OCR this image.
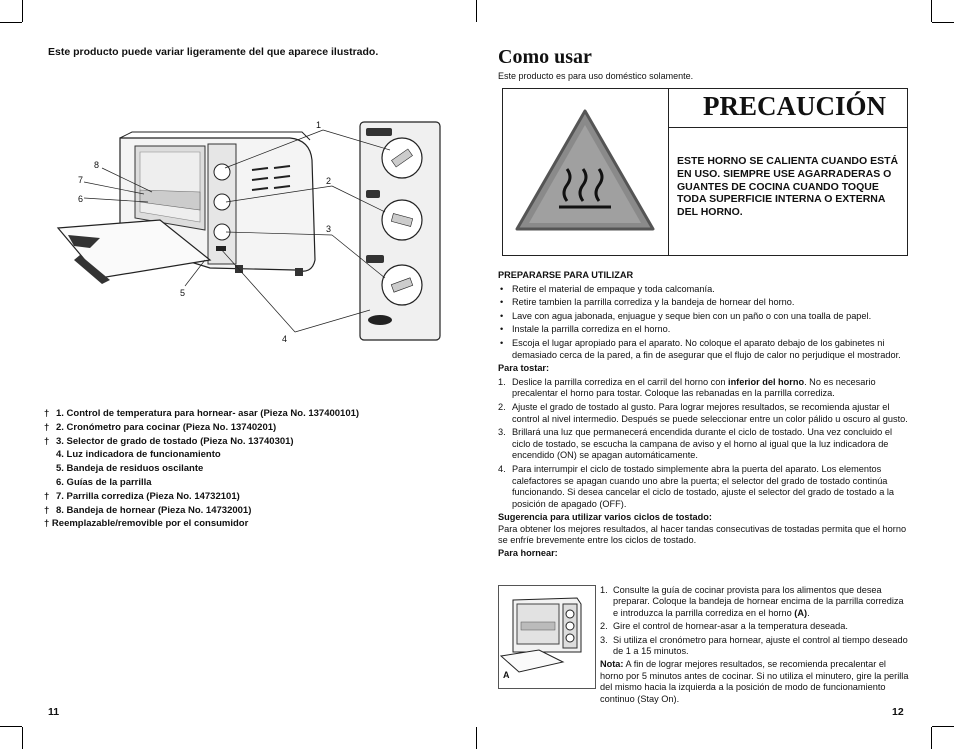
Este producto puede variar ligeramente del que aparece ilustrado.
1
2
3
4
5
6
7
8
† 1. Control de temperatura para hornear- asar (Pieza No. 137400101)
† 2. Cronómetro para cocinar (Pieza No. 13740201)
† 3. Selector de grado de tostado (Pieza No. 13740301)
4. Luz indicadora de funcionamiento
5. Bandeja de residuos oscilante
6. Guías de la parrilla
† 7. Parrilla corrediza (Pieza No. 14732101)
† 8. Bandeja de hornear (Pieza No. 14732001)
† Reemplazable/removible por el consumidor
11
Como usar
Este producto es para uso doméstico solamente.
PRECAUCIÓN
ESTE HORNO SE CALIENTA CUANDO ESTÁ EN USO. SIEMPRE USE AGARRADERAS O GUANTES DE COCINA CUANDO TOQUE TODA SUPERFICIE INTERNA O EXTERNA DEL HORNO.

PREPARARSE PARA UTILIZAR

• Retire el material de empaque y toda calcomanía.
• Retire tambien la parrilla corrediza y la bandeja de hornear del horno.
• Lave con agua jabonada, enjuague y seque bien con un paño o con una toalla de papel.
• Instale la parrilla corrediza en el horno.
• Escoja el lugar apropiado para el aparato. No coloque el aparato debajo de los gabinetes ni demasiado cerca de la pared, a fin de asegurar que el flujo de calor no perjudique el mostrador.

Para tostar:

1. Deslice la parrilla corrediza en el carril del horno con inferior del horno. No es necesario precalentar el horno para tostar. Coloque las rebanadas en la parrilla corrediza.
2. Ajuste el grado de tostado al gusto. Para lograr mejores resultados, se recomienda ajustar el control al nivel intermedio. Después se puede seleccionar entre un color pálido u oscuro al gusto.
3. Brillará una luz que permanecerá encendida durante el ciclo de tostado. Una vez concluido el ciclo de tostado, se escucha la campana de aviso y el horno al igual que la luz indicadora de encendido (ON) se apagan automáticamente.
4. Para interrumpir el ciclo de tostado simplemente abra la puerta del aparato. Los elementos calefactores se apagan cuando uno abre la puerta; el selector del grado de tostado continúa funcionando. Si desea cancelar el ciclo de tostado, ajuste el selector del grado de tostado a la posición de apagado (OFF).

Sugerencia para utilizar varios ciclos de tostado:

Para obtener los mejores resultados, al hacer tandas consecutivas de tostadas permita que el horno se enfríe brevemente entre los ciclos de tostado.

Para hornear:

A
1. Consulte la guía de cocinar provista para los alimentos que desea preparar. Coloque la bandeja de hornear encima de la parrilla corrediza e introduzca la parrilla corrediza en el horno (A).
2. Gire el control de hornear-asar a la temperatura deseada.
3. Si utiliza el cronómetro para hornear, ajuste el control al tiempo deseado de 1 a 15 minutos.
Nota: A fin de lograr mejores resultados, se recomienda precalentar el horno por 5 minutos antes de cocinar. Si no utiliza el minutero, gire la perilla del mismo hacia la izquierda a la posición de modo de funcionamiento continuo (Stay On).
12
